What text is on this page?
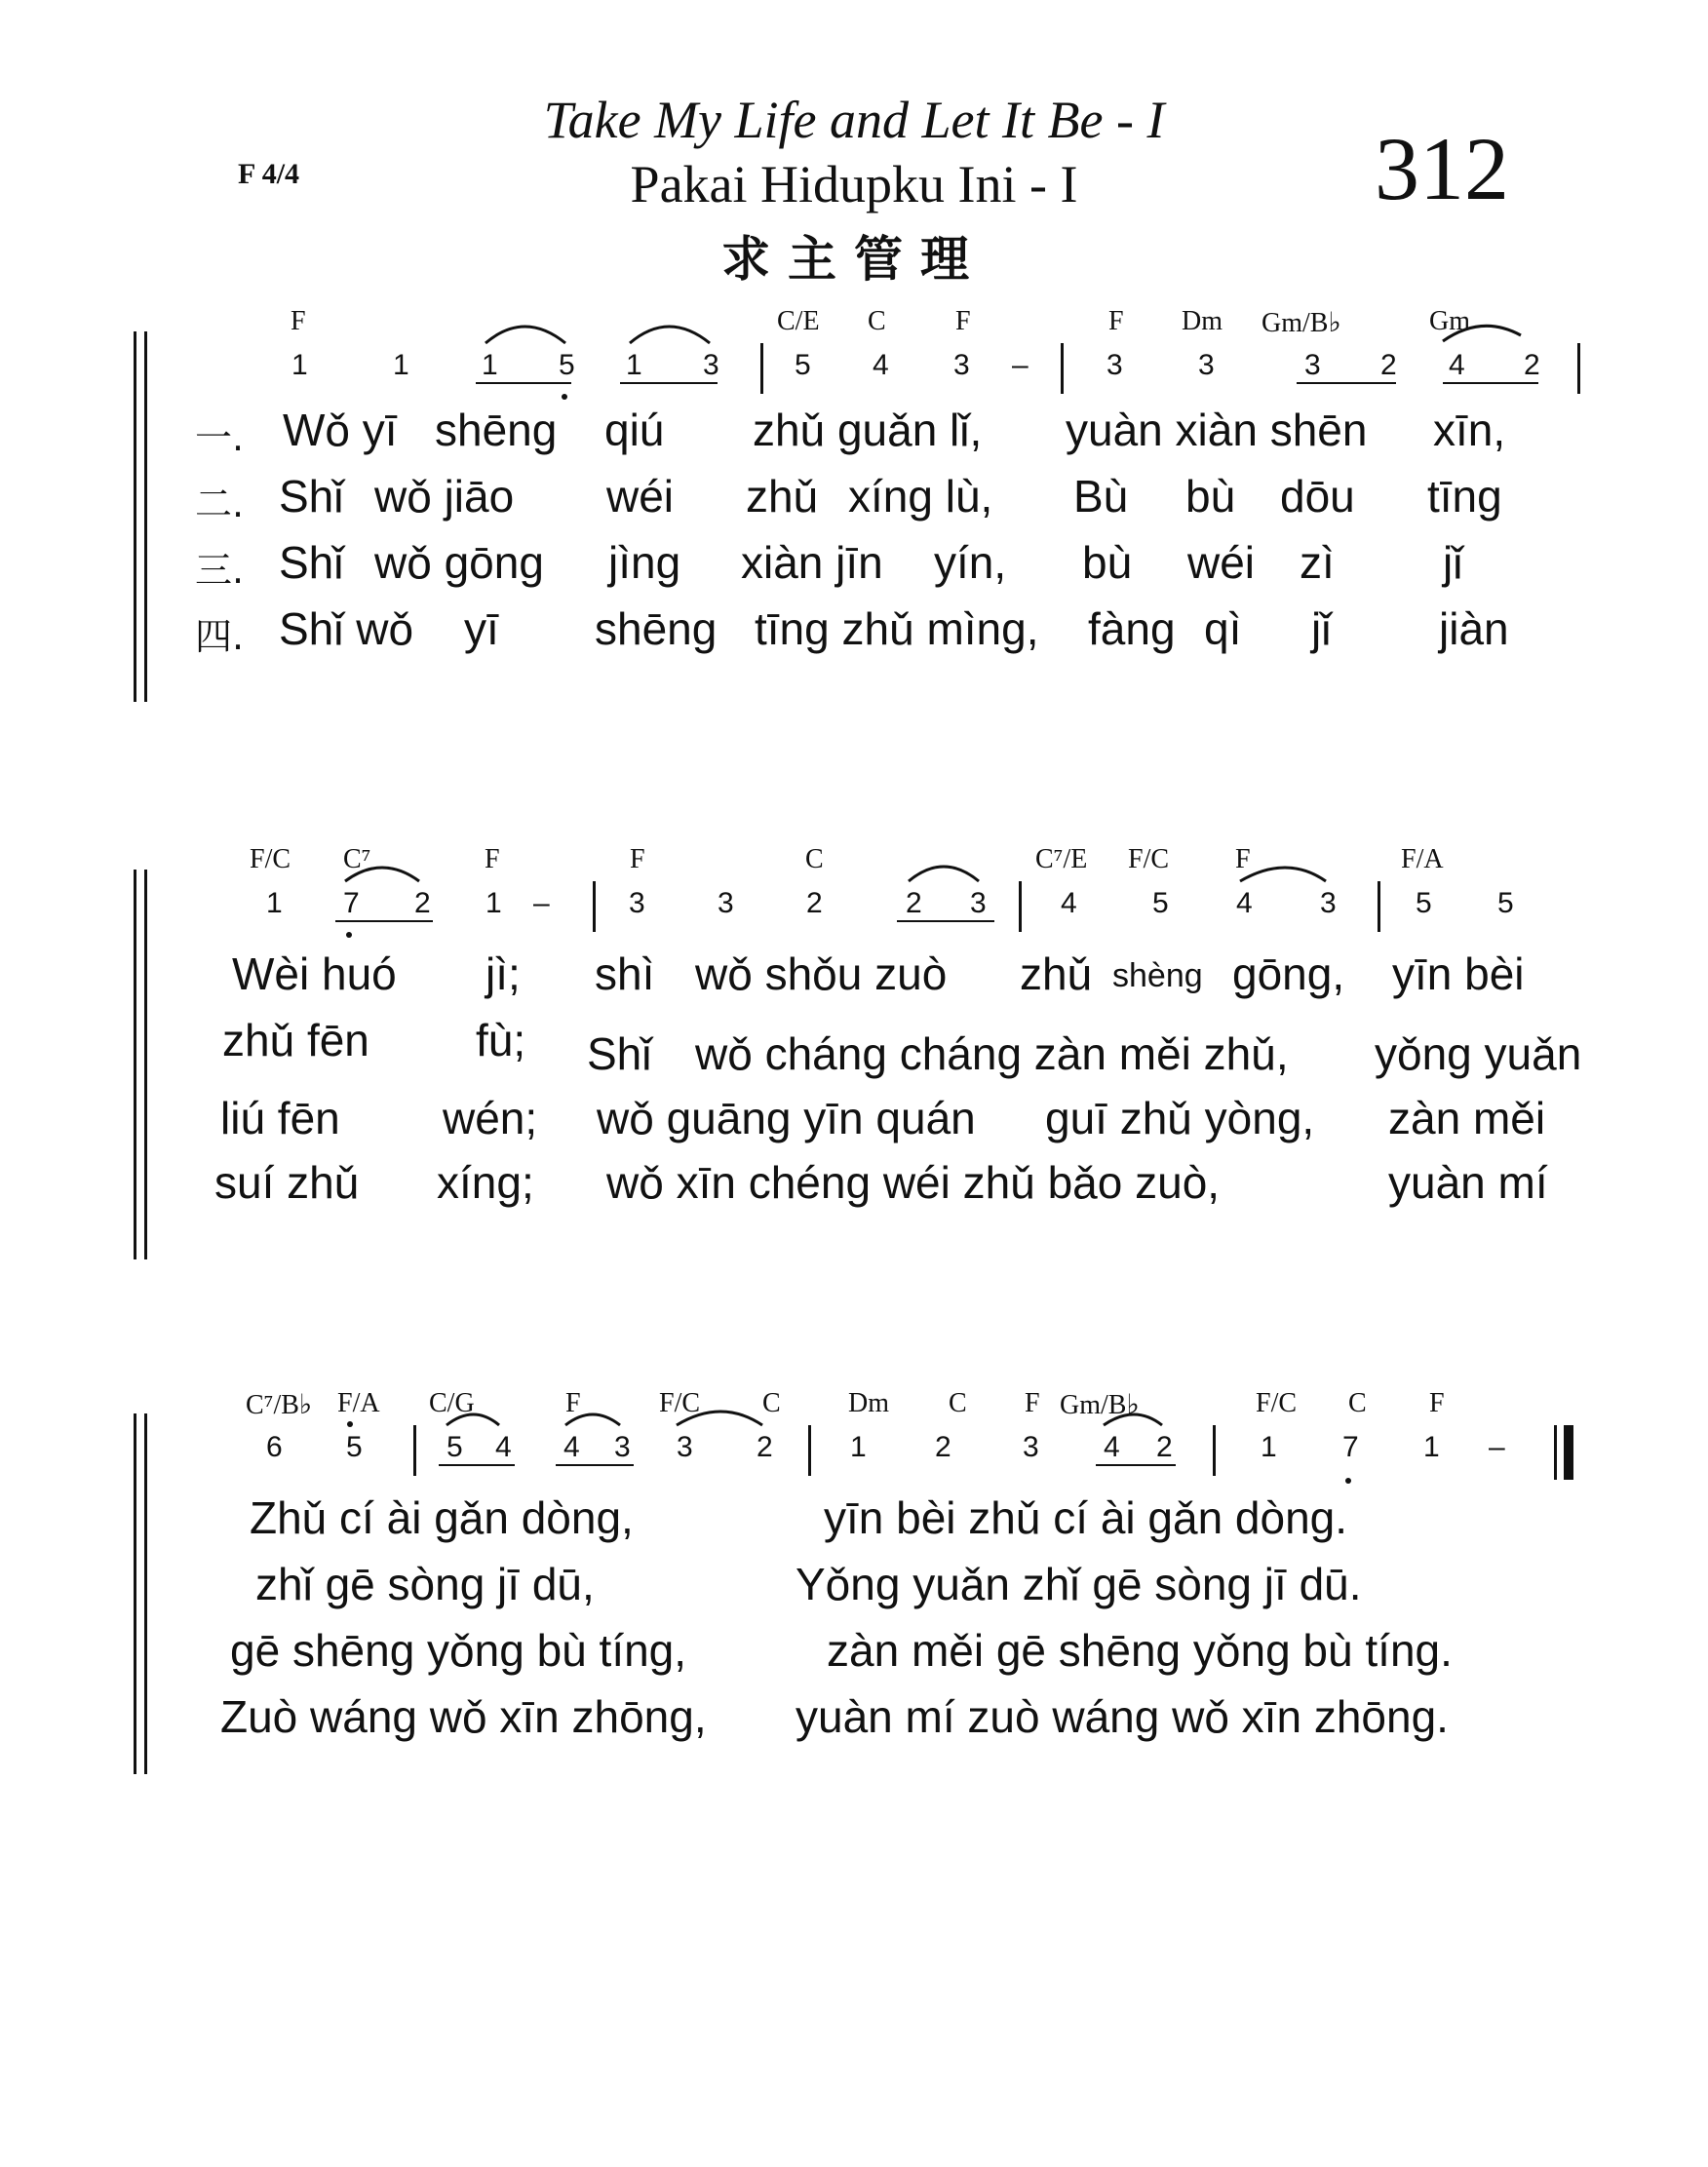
F 4/4
Take My Life and Let It Be - I
Pakai Hidupku Ini - I
求主管理
312
F	C/E C	F	F Dm Gm/B♭	Gm
1	1 1 5 1 3	5 4 3 –	3	3	3 2 4 2
一.
二.
三.
四.
Wǒ yī shēng qiú zhǔ guǎn lǐ, yuàn xiàn shēn xīn,
Shǐ wǒ jiāo wéi zhǔ xíng lù, Bù bù dōu tīng
Shǐ wǒ gōng jìng xiàn jīn yín, bù wéi zì jǐ
Shǐ wǒ yī shēng tīng zhǔ mìng, fàng qì jǐ jiàn
F/C C⁷	F	F	C	C⁷/E F/C F	F/A
1 7 2 1 –	3 3 2	2 3	4	5 4 3	5 5
Wèi huó jì; shì wǒ shǒu zuò zhǔ shèng gōng, yīn bèi
zhǔ fēn fù; Shǐ wǒ cháng cháng zàn měi zhǔ, yǒng yuǎn
liú fēn wén; wǒ guāng yīn quán guī zhǔ yòng, zàn měi
suí zhǔ xíng; wǒ xīn chéng wéi zhǔ bǎo zuò,	yuàn mí
C⁷/B♭ F/A C/G	F	F/C C Dm C F Gm/B♭	F/C C F
6 5	5 4 4 3 3 2	1 2 3 4 2	1 7 1 –
Zhǔ cí ài gǎn dòng,	yīn bèi zhǔ cí ài gǎn dòng.
zhǐ gē sòng jī dū,	Yǒng yuǎn zhǐ gē sòng jī dū.
gē shēng yǒng bù tíng,	zàn měi gē shēng yǒng bù tíng.
Zuò wáng wǒ xīn zhōng, yuàn mí zuò wáng wǒ xīn zhōng.
